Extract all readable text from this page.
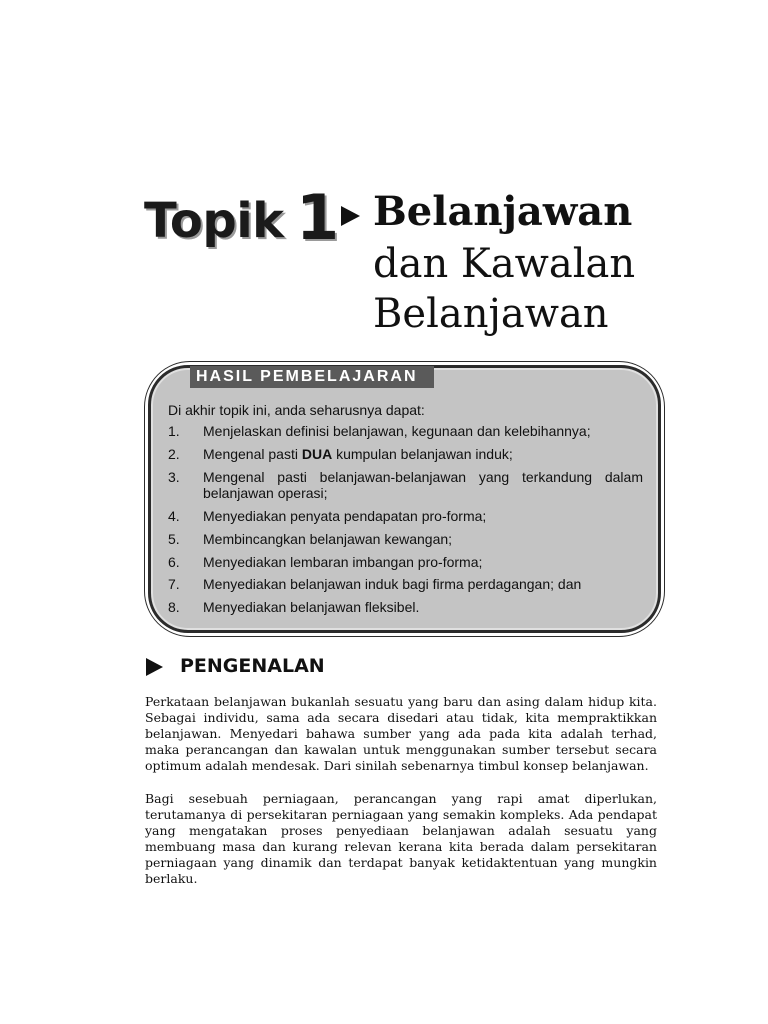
Topik 1 Belanjawan
dan Kawalan
Belanjawan
HASIL PEMBELAJARAN
Di akhir topik ini, anda seharusnya dapat:
1. Menjelaskan definisi belanjawan, kegunaan dan kelebihannya;
2. Mengenal pasti DUA kumpulan belanjawan induk;
3. Mengenal pasti belanjawan-belanjawan yang terkandung dalam
belanjawan operasi;
4. Menyediakan penyata pendapatan pro-forma;
5. Membincangkan belanjawan kewangan;
6. Menyediakan lembaran imbangan pro-forma;
7. Menyediakan belanjawan induk bagi firma perdagangan; dan
8. Menyediakan belanjawan fleksibel.
PENGENALAN

Perkataan belanjawan bukanlah sesuatu yang baru dan asing dalam hidup kita. Sebagai individu, sama ada secara disedari atau tidak, kita mempraktikkan belanjawan. Menyedari bahawa sumber yang ada pada kita adalah terhad, maka perancangan dan kawalan untuk menggunakan sumber tersebut secara optimum adalah mendesak. Dari sinilah sebenarnya timbul konsep belanjawan.

Bagi sesebuah perniagaan, perancangan yang rapi amat diperlukan, terutamanya di persekitaran perniagaan yang semakin kompleks. Ada pendapat yang mengatakan proses penyediaan belanjawan adalah sesuatu yang membuang masa dan kurang relevan kerana kita berada dalam persekitaran perniagaan yang dinamik dan terdapat banyak ketidaktentuan yang mungkin berlaku.
